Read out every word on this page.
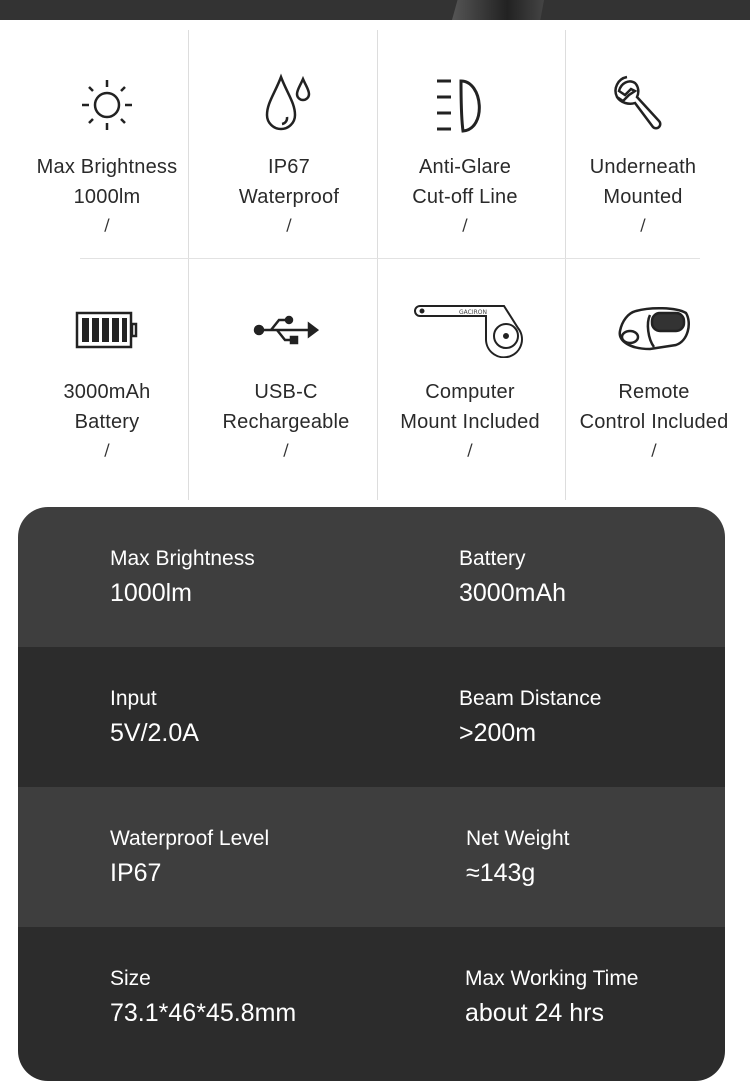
Max Brightness
1000lm
/
IP67
Waterproof
/
Anti-Glare
Cut-off Line
/
Underneath
Mounted
/
3000mAh
Battery
/
USB-C
Rechargeable
/
GACIRON
Computer
Mount Included
/
Remote
Control Included
/
Max Brightness
1000lm
Battery
3000mAh
Input
5V/2.0A
Beam Distance
>200m
Waterproof Level
IP67
Net Weight
≈143g
Size
73.1*46*45.8mm
Max Working Time
about 24 hrs
